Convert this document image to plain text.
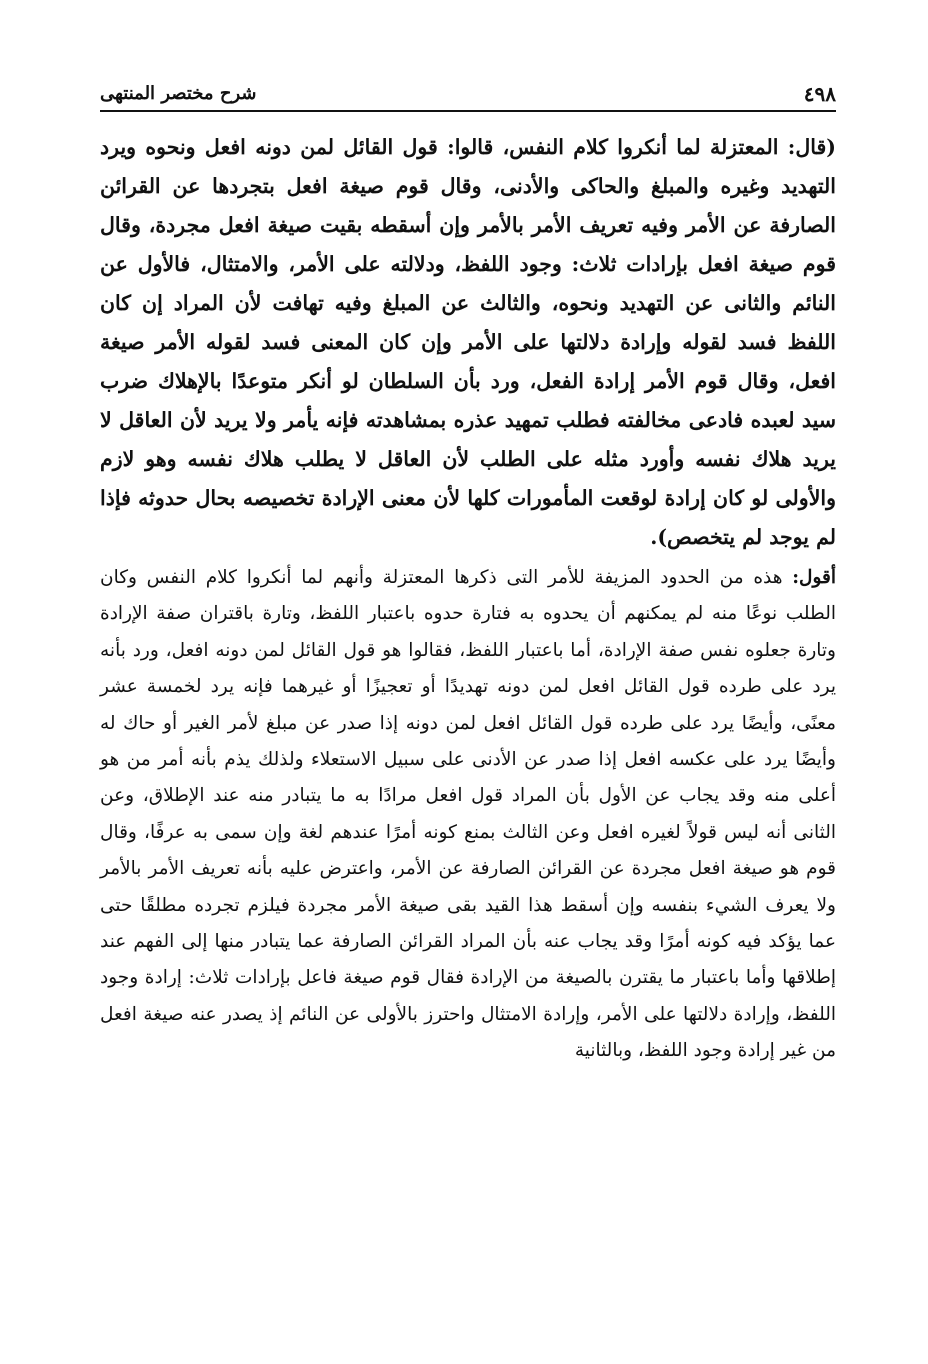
٤٩٨
شرح مختصر المنتهى

(قال: المعتزلة لما أنكروا كلام النفس، قالوا: قول القائل لمن دونه افعل ونحوه ويرد التهديد وغيره والمبلغ والحاكى والأدنى، وقال قوم صيغة افعل بتجردها عن القرائن الصارفة عن الأمر وفيه تعريف الأمر بالأمر وإن أسقطه بقيت صيغة افعل مجردة، وقال قوم صيغة افعل بإرادات ثلاث: وجود اللفظ، ودلالته على الأمر، والامتثال، فالأول عن النائم والثانى عن التهديد ونحوه، والثالث عن المبلغ وفيه تهافت لأن المراد إن كان اللفظ فسد لقوله وإرادة دلالتها على الأمر وإن كان المعنى فسد لقوله الأمر صيغة افعل، وقال قوم الأمر إرادة الفعل، ورد بأن السلطان لو أنكر متوعدًا بالإهلاك ضرب سيد لعبده فادعى مخالفته فطلب تمهيد عذره بمشاهدته فإنه يأمر ولا يريد لأن العاقل لا يريد هلاك نفسه وأورد مثله على الطلب لأن العاقل لا يطلب هلاك نفسه وهو لازم والأولى لو كان إرادة لوقعت المأمورات كلها لأن معنى الإرادة تخصيصه بحال حدوثه فإذا لم يوجد لم يتخصص).

أقول: هذه من الحدود المزيفة للأمر التى ذكرها المعتزلة وأنهم لما أنكروا كلام النفس وكان الطلب نوعًا منه لم يمكنهم أن يحدوه به فتارة حدوه باعتبار اللفظ، وتارة باقتران صفة الإرادة وتارة جعلوه نفس صفة الإرادة، أما باعتبار اللفظ، فقالوا هو قول القائل لمن دونه افعل، ورد بأنه يرد على طرده قول القائل افعل لمن دونه تهديدًا أو تعجيزًا أو غيرهما فإنه يرد لخمسة عشر معنًى، وأيضًا يرد على طرده قول القائل افعل لمن دونه إذا صدر عن مبلغ لأمر الغير أو حاك له وأيضًا يرد على عكسه افعل إذا صدر عن الأدنى على سبيل الاستعلاء ولذلك يذم بأنه أمر من هو أعلى منه وقد يجاب عن الأول بأن المراد قول افعل مرادًا به ما يتبادر منه عند الإطلاق، وعن الثانى أنه ليس قولاً لغيره افعل وعن الثالث بمنع كونه أمرًا عندهم لغة وإن سمى به عرفًا، وقال قوم هو صيغة افعل مجردة عن القرائن الصارفة عن الأمر، واعترض عليه بأنه تعريف الأمر بالأمر ولا يعرف الشيء بنفسه وإن أسقط هذا القيد بقى صيغة الأمر مجردة فيلزم تجرده مطلقًا حتى عما يؤكد فيه كونه أمرًا وقد يجاب عنه بأن المراد القرائن الصارفة عما يتبادر منها إلى الفهم عند إطلاقها وأما باعتبار ما يقترن بالصيغة من الإرادة فقال قوم صيغة فاعل بإرادات ثلاث: إرادة وجود اللفظ، وإرادة دلالتها على الأمر، وإرادة الامتثال واحترز بالأولى عن النائم إذ يصدر عنه صيغة افعل من غير إرادة وجود اللفظ، وبالثانية
